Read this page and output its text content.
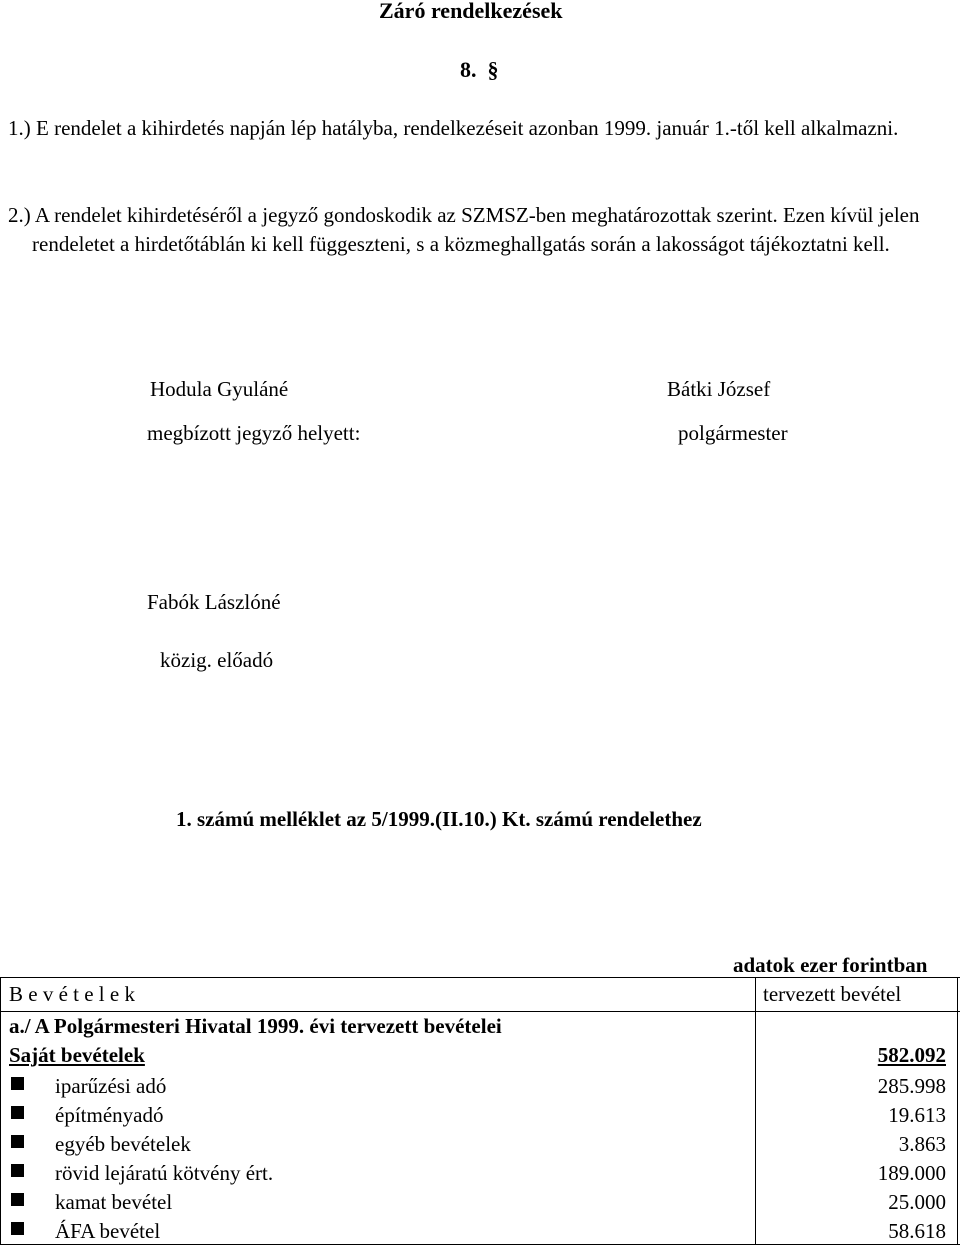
Záró rendelkezések
8.  §
1.) E rendelet a kihirdetés napján lép hatályba, rendelkezéseit azonban 1999. január 1.-től kell alkalmazni.
2.) A rendelet kihirdetéséről a jegyző gondoskodik az SZMSZ-ben meghatározottak szerint. Ezen kívül jelen rendeletet a hirdetőtáblán ki kell függeszteni, s a közmeghallgatás során a lakosságot tájékoztatni kell.
Hodula Gyuláné
megbízott jegyző helyett:
Bátki József
polgármester
Fabók Lászlóné
közig. előadó
1. számú melléklet az 5/1999.(II.10.) Kt. számú rendelethez
adatok ezer forintban
B e v é t e l e k	tervezett bevétel
a./ A Polgármesteri Hivatal 1999. évi tervezett bevételei
Saját bevételek	582.092
iparűzési adó	285.998
építményadó	19.613
egyéb bevételek	3.863
rövid lejáratú kötvény ért.	189.000
kamat bevétel	25.000
ÁFA bevétel	58.618
